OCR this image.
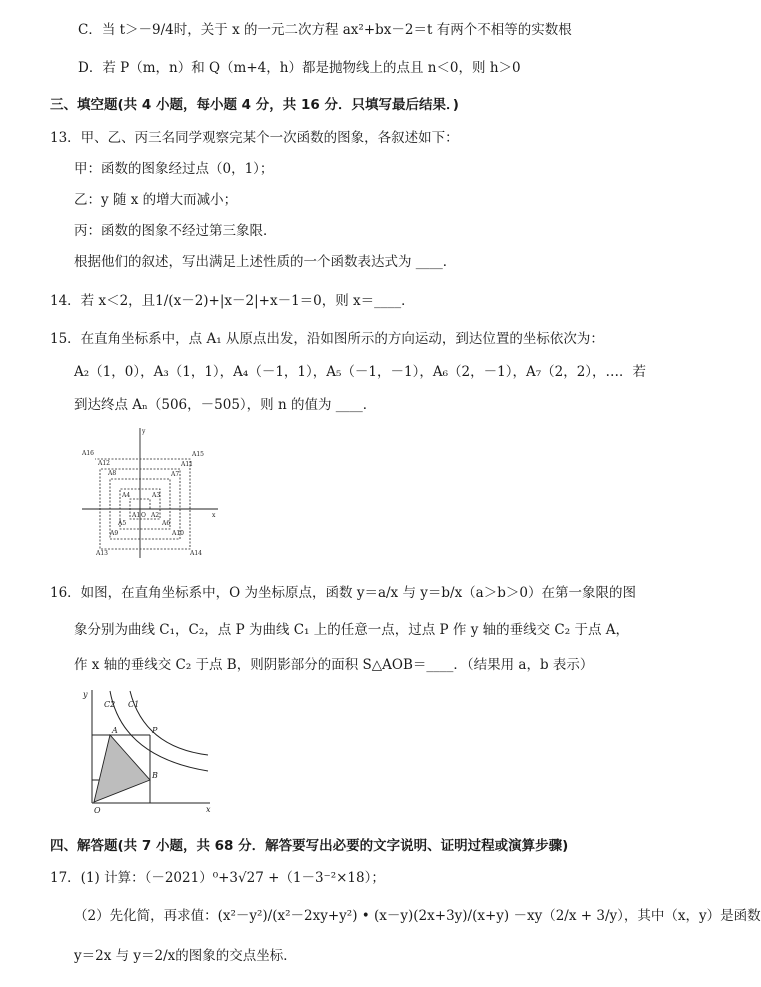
C．当 t＞－9/4时，关于 x 的一元二次方程 ax²+bx－2＝t 有两个不相等的实数根
D．若 P（m，n）和 Q（m+4，h）都是抛物线上的点且 n＜0，则 h＞0
三、填空题(共 4 小题，每小题 4 分，共 16 分．只填写最后结果．)
13．甲、乙、丙三名同学观察完某个一次函数的图象，各叙述如下：
甲：函数的图象经过点（0，1）；
乙：y 随 x 的增大而减小；
丙：函数的图象不经过第三象限．
根据他们的叙述，写出满足上述性质的一个函数表达式为 ____．
14．若 x＜2，且1/(x－2)+|x－2|+x－1＝0，则 x＝____．
15．在直角坐标系中，点 A₁ 从原点出发，沿如图所示的方向运动，到达位置的坐标依次为：
A₂（1，0），A₃（1，1），A₄（－1，1），A₅（－1，－1），A₆（2，－1），A₇（2，2），…．若
到达终点 Aₙ（506，－505），则 n 的值为 ____．
A16
A12
A8
A15
A11
A7
A3
A2
A1
A4
A5	A6
A9	A10
A13	A14
O	x
y
16．如图，在直角坐标系中，O 为坐标原点，函数 y＝a/x 与 y＝b/x（a＞b＞0）在第一象限的图
象分别为曲线 C₁，C₂，点 P 为曲线 C₁ 上的任意一点，过点 P 作 y 轴的垂线交 C₂ 于点 A，
作 x 轴的垂线交 C₂ 于点 B，则阴影部分的面积 S△AOB＝____．（结果用 a，b 表示）
y
C2 C1
A	P
B
O	x
四、解答题(共 7 小题，共 68 分．解答要写出必要的文字说明、证明过程或演算步骤)
17．(1) 计算：（－2021）⁰+3√27 +（1－3⁻²×18）；
（2）先化简，再求值：(x²－y²)/(x²－2xy+y²) • (x－y)(2x+3y)/(x+y) －xy（2/x + 3/y），其中（x，y）是函数
y＝2x 与 y＝2/x的图象的交点坐标．
